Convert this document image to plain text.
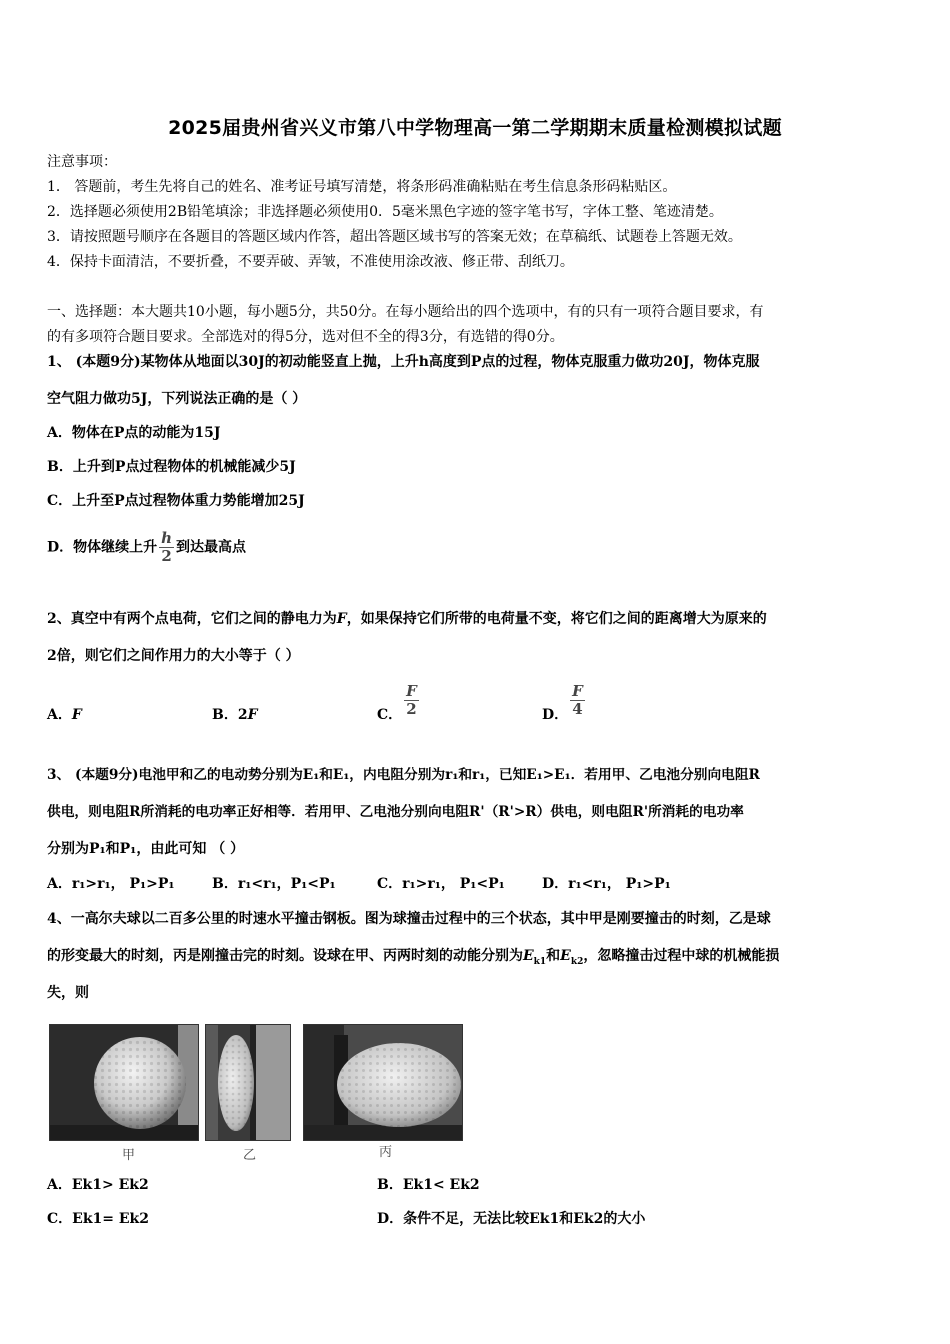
2025届贵州省兴义市第八中学物理高一第二学期期末质量检测模拟试题
注意事项：
1． 答题前，考生先将自己的姓名、准考证号填写清楚，将条形码准确粘贴在考生信息条形码粘贴区。
2．选择题必须使用2B铅笔填涂；非选择题必须使用0．5毫米黑色字迹的签字笔书写，字体工整、笔迹清楚。
3．请按照题号顺序在各题目的答题区域内作答，超出答题区域书写的答案无效；在草稿纸、试题卷上答题无效。
4．保持卡面清洁，不要折叠，不要弄破、弄皱，不准使用涂改液、修正带、刮纸刀。
一、选择题：本大题共10小题，每小题5分，共50分。在每小题给出的四个选项中，有的只有一项符合题目要求，有
的有多项符合题目要求。全部选对的得5分，选对但不全的得3分，有选错的得0分。
1、 (本题9分)某物体从地面以30J的初动能竖直上抛，上升h高度到P点的过程，物体克服重力做功20J，物体克服
空气阻力做功5J，下列说法正确的是（ ）
A．物体在P点的动能为15J
B．上升到P点过程物体的机械能减少5J
C．上升至P点过程物体重力势能增加25J
D．物体继续上升 $\frac{h}{2}$ 到达最高点
2、真空中有两个点电荷，它们之间的静电力为F，如果保持它们所带的电荷量不变，将它们之间的距离增大为原来的
2倍，则它们之间作用力的大小等于（ ）
A．F	B．2F	C． $\frac{F}{2}$	D． $\frac{F}{4}$
3、 (本题9分)电池甲和乙的电动势分别为E₁和E₁，内电阻分别为r₁和r₁，已知E₁>E₁．若用甲、乙电池分别向电阻R
供电，则电阻R所消耗的电功率正好相等．若用甲、乙电池分别向电阻R'（R'>R）供电，则电阻R'所消耗的电功率
分别为P₁和P₁，由此可知 （ ）
A．r₁>r₁， P₁>P₁	B．r₁<r₁，P₁<P₁	C．r₁>r₁， P₁<P₁	D．r₁<r₁， P₁>P₁
4、一高尔夫球以二百多公里的时速水平撞击钢板。图为球撞击过程中的三个状态，其中甲是刚要撞击的时刻，乙是球
的形变最大的时刻，丙是刚撞击完的时刻。设球在甲、丙两时刻的动能分别为$E_{k1}$和$E_{k2}$，忽略撞击过程中球的机械能损
失，则
甲	乙	丙
A．Ek1> Ek2	B．Ek1< Ek2
C．Ek1= Ek2	D．条件不足，无法比较Ek1和Ek2的大小
